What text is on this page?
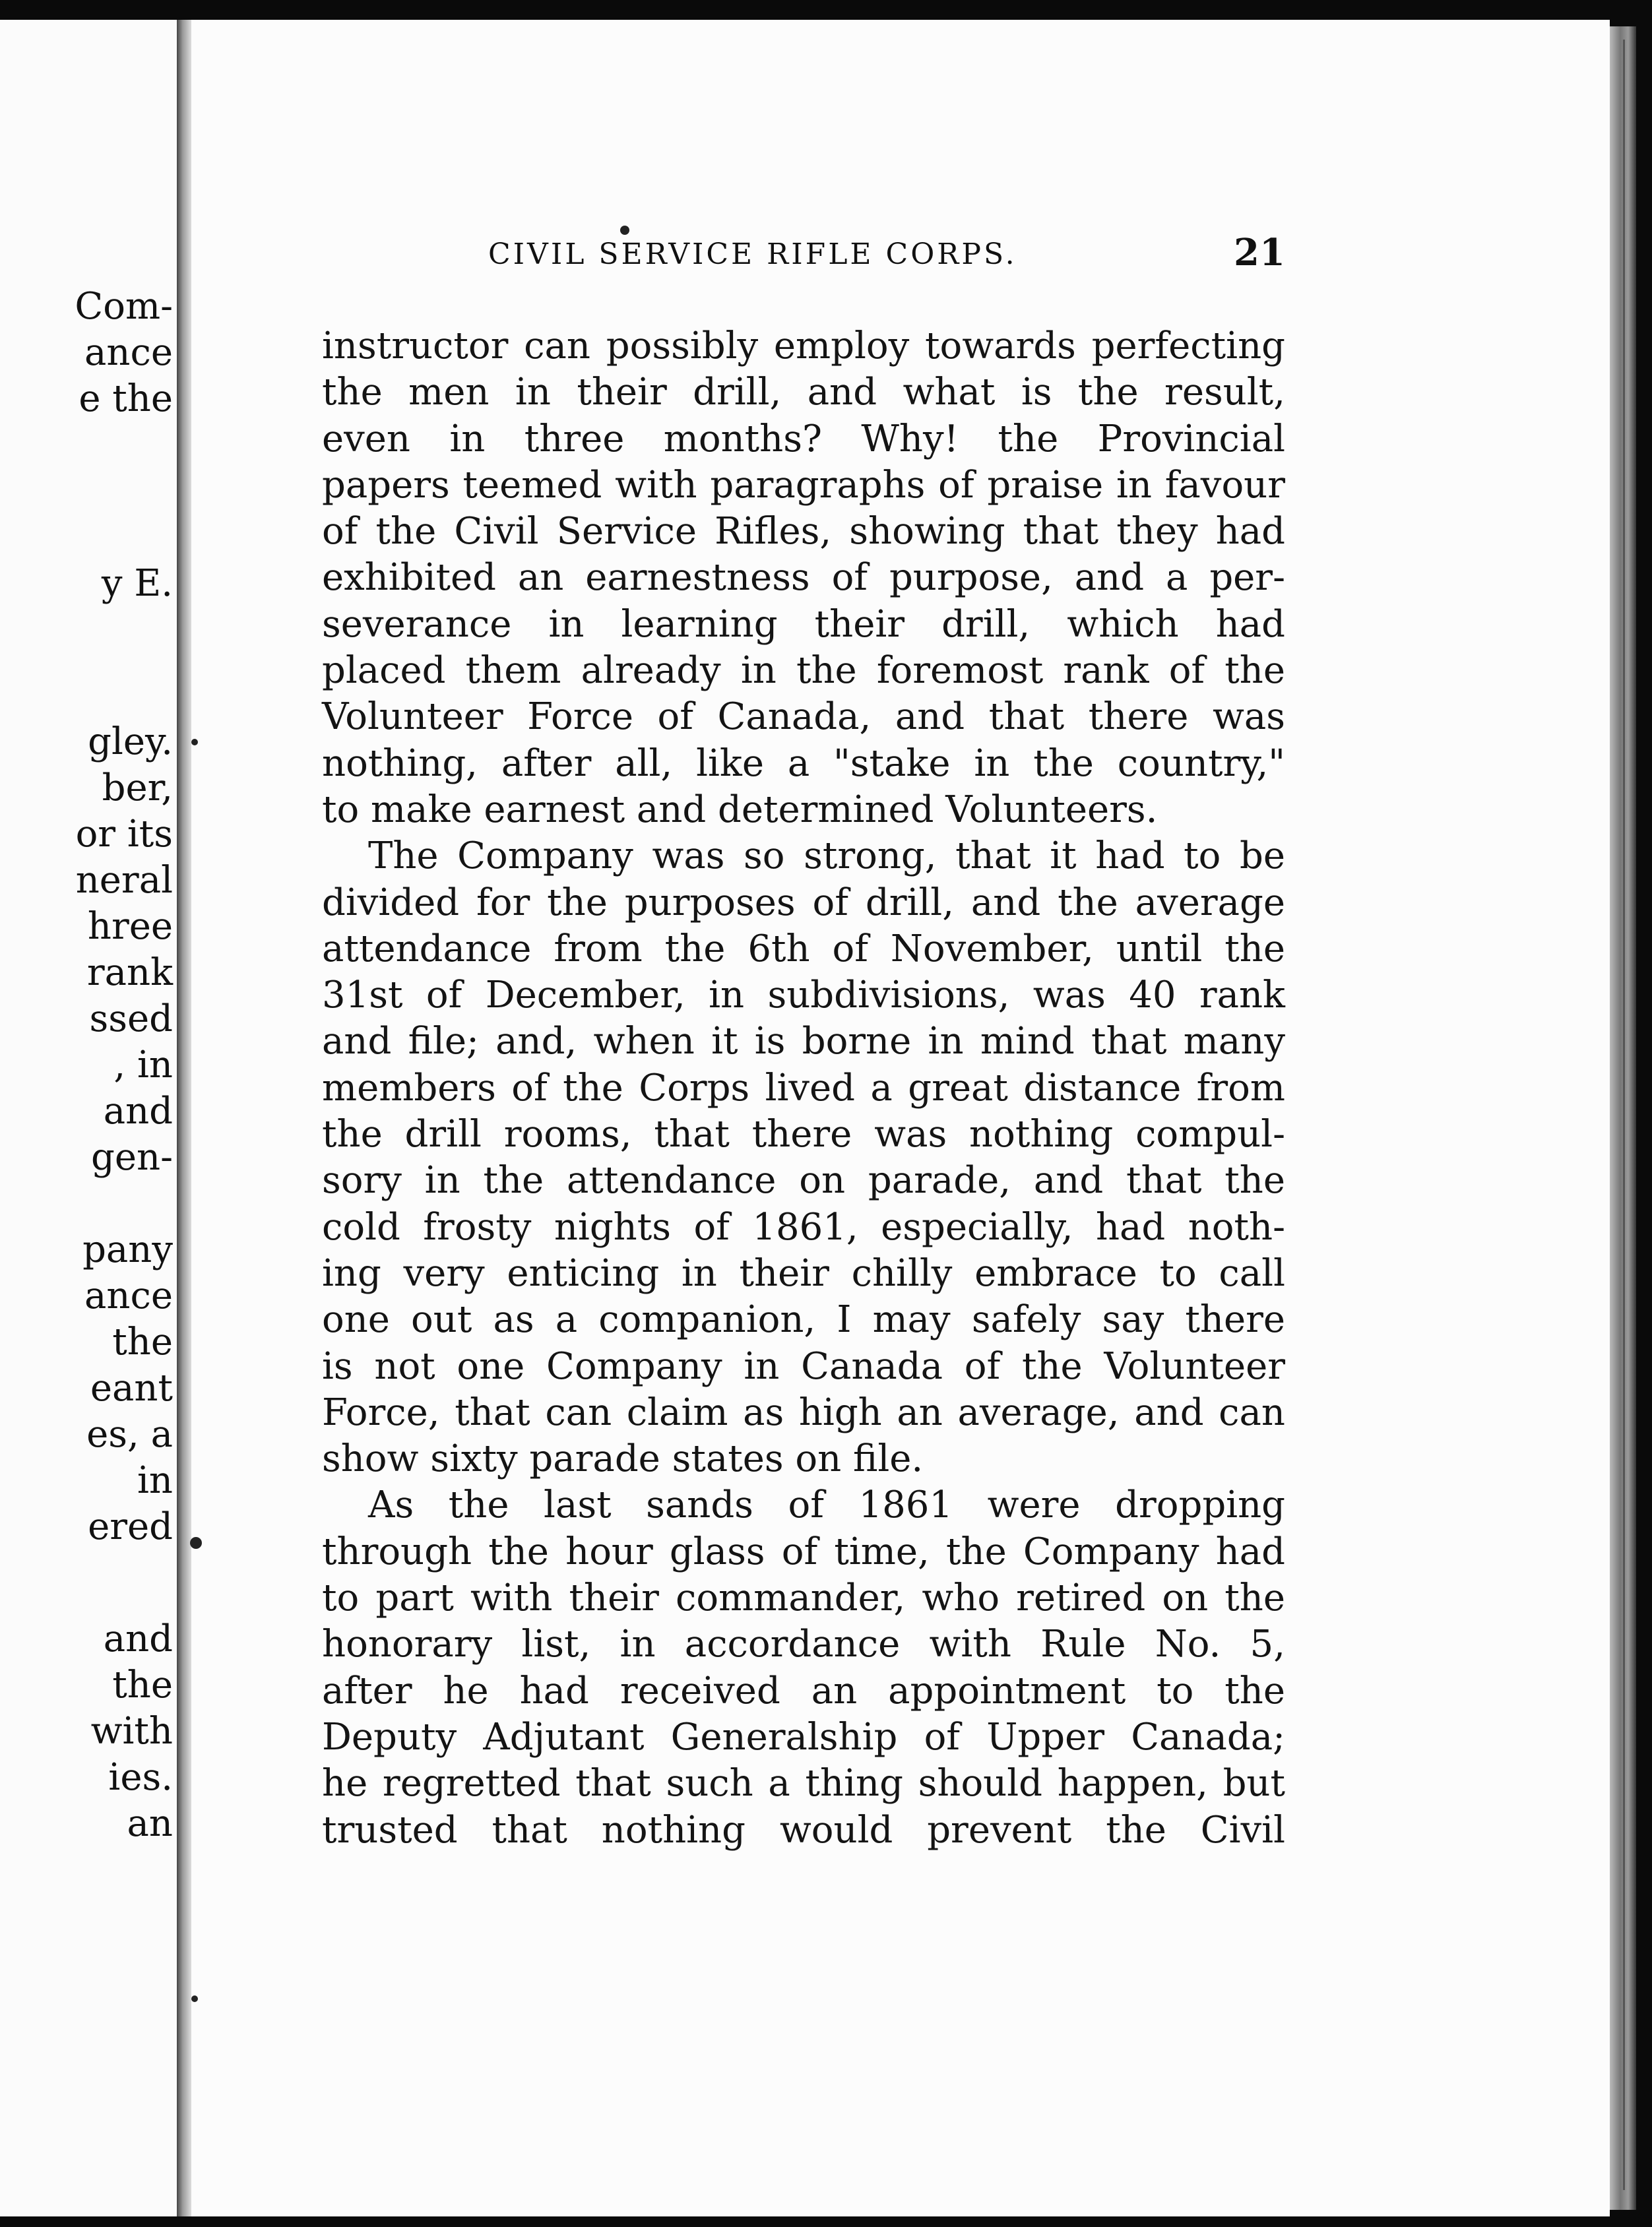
Com-
ance
e the
y E.
gley.
ber,
or its
neral
hree
rank
ssed
, in
and
gen-
pany
ance
the
eant
es, a
in
ered
and
the
with
ies.
an
CIVIL SERVICE RIFLE CORPS.	21
instructor can possibly employ towards perfecting
the men in their drill, and what is the result,
even in three months? Why! the Provincial
papers teemed with paragraphs of praise in favour
of the Civil Service Rifles, showing that they had
exhibited an earnestness of purpose, and a per-
severance in learning their drill, which had
placed them already in the foremost rank of the
Volunteer Force of Canada, and that there was
nothing, after all, like a "stake in the country,"
to make earnest and determined Volunteers.
The Company was so strong, that it had to be
divided for the purposes of drill, and the average
attendance from the 6th of November, until the
31st of December, in subdivisions, was 40 rank
and file; and, when it is borne in mind that many
members of the Corps lived a great distance from
the drill rooms, that there was nothing compul-
sory in the attendance on parade, and that the
cold frosty nights of 1861, especially, had noth-
ing very enticing in their chilly embrace to call
one out as a companion, I may safely say there
is not one Company in Canada of the Volunteer
Force, that can claim as high an average, and can
show sixty parade states on file.
As the last sands of 1861 were dropping
through the hour glass of time, the Company had
to part with their commander, who retired on the
honorary list, in accordance with Rule No. 5,
after he had received an appointment to the
Deputy Adjutant Generalship of Upper Canada;
he regretted that such a thing should happen, but
trusted that nothing would prevent the Civil
